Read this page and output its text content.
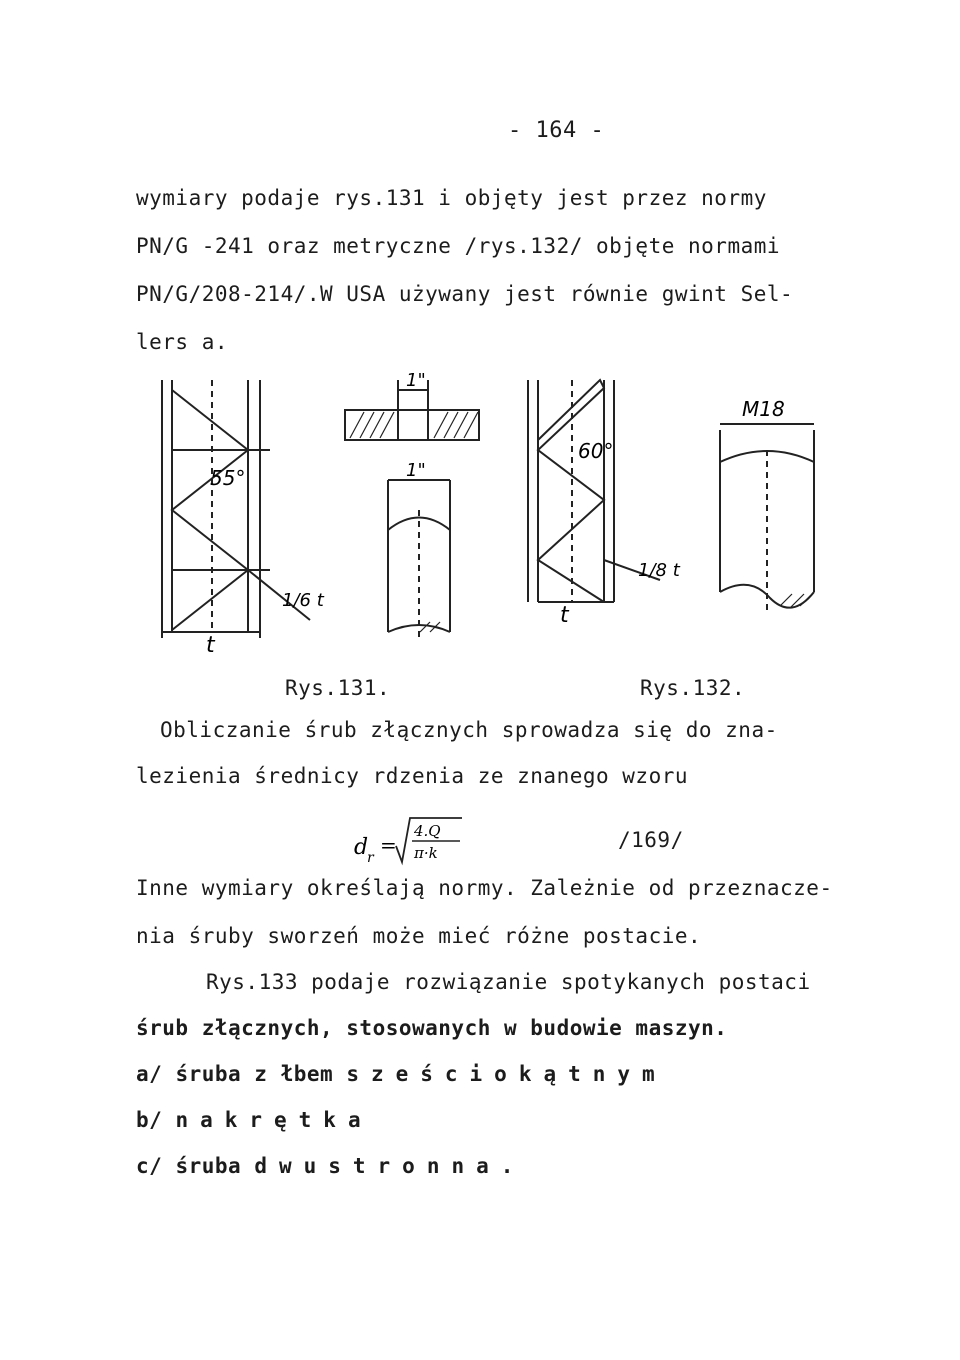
- 164 -
wymiary podaje rys.131 i objęty jest przez normy
PN/G -241 oraz metryczne /rys.132/ objęte normami
PN/G/208-214/.W USA używany jest równie gwint Sel-
lers a.
55°
t
1/6 t
1"
1"
60°
t
1/8 t
M18
Rys.131.	Rys.132.
Obliczanie śrub złącznych sprowadza się do zna-
lezienia średnicy rdzenia ze znanego wzoru
d
r
=
4.Q
π·k
/169/
Inne wymiary określają normy. Zależnie od przeznacze-
nia śruby sworzeń może mieć różne postacie.
Rys.133 podaje rozwiązanie spotykanych postaci
śrub złącznych, stosowanych w budowie maszyn.
a/ śruba z łbem sześciokątnym
b/ nakrętka
c/ śruba dwustronna.
